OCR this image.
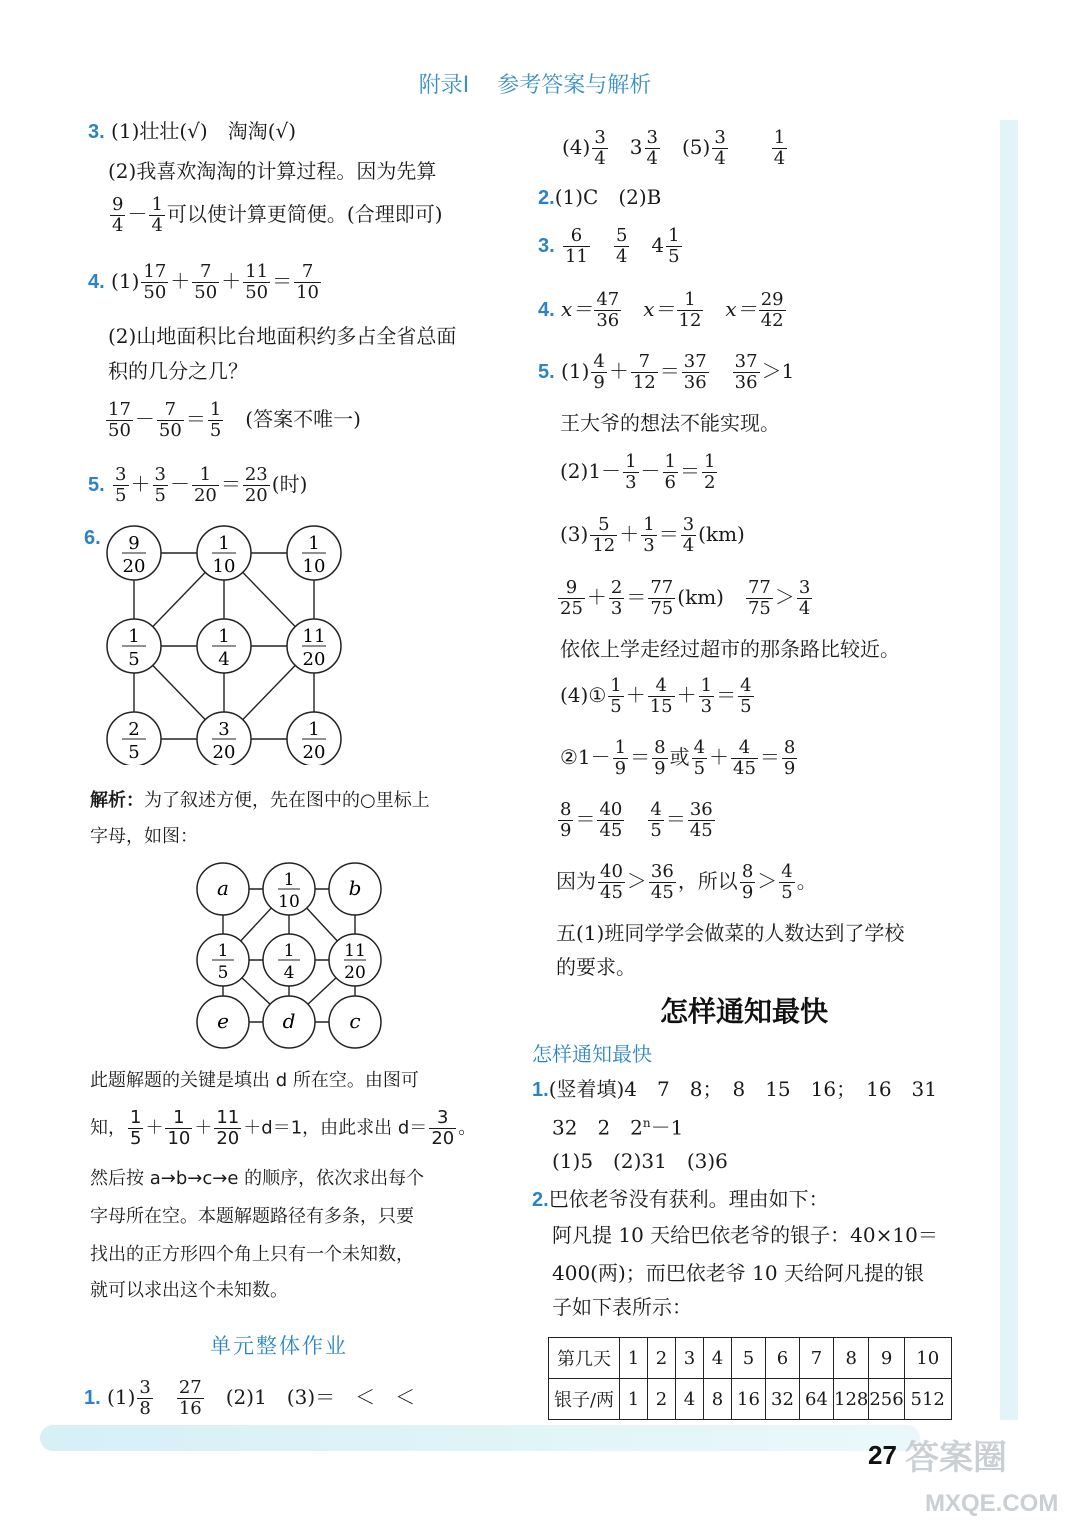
附录Ⅰ 参考答案与解析
3. (1)壮壮(√)　淘淘(√)
(2)我喜欢淘淘的计算过程。因为先算
$\frac{9}{4} - \frac{1}{4}$ 可以使计算更简便。(合理即可)
4. $(1) \frac{17}{50} + \frac{7}{50} + \frac{11}{50} = \frac{7}{10}$
(2)山地面积比台地面积约多占全省总面
积的几分之几？
$\frac{17}{50} - \frac{7}{50} = \frac{1}{5}$
　 (答案不唯一)
5. $\frac{3}{5} + \frac{3}{5} - \frac{1}{20} = \frac{23}{20}$ (时)
6. 9
20
1
10
1
10
1
5
1
4
11
20
2
5
3
20
1
20
解析：为了叙述方便，先在图中的○里标上
字母，如图：
a	1
10
b
1
5
1
4
11
20
e	d	c
此题解题的关键是填出 d 所在空。由图可
知， $\frac{1}{5} + \frac{1}{10} + \frac{11}{20} +d=1$，由此求出 $d= \frac{3}{20}$ 。
然后按 a→b→c→e 的顺序，依次求出每个
字母所在空。本题解题路径有多条，只要
找出的正方形四个角上只有一个未知数，
就可以求出这个未知数。
单元整体作业
1. $(1) \frac{3}{8}$
　 $\frac{27}{16}$
　 (2)1　(3)＝　＜　＜
$(4) \frac{3}{4}$
　 $3 \frac{3}{4}$
　 $(5) \frac{3}{4}$
　　 $\frac{1}{4}$
2.(1)C　(2)B
3. $\frac{6}{11}$
　 $\frac{5}{4}$
　 $4 \frac{1}{5}$
4. $x= \frac{47}{36}$
　 $x= \frac{1}{12}$
　 $x= \frac{29}{42}$
5. $(1) \frac{4}{9} + \frac{7}{12} = \frac{37}{36}$
　 $\frac{37}{36} >1$
王大爷的想法不能实现。
$(2)1- \frac{1}{3} - \frac{1}{6} = \frac{1}{2}$
$(3) \frac{5}{12} + \frac{1}{3} = \frac{3}{4} (km)$
$\frac{9}{25} + \frac{2}{3} = \frac{77}{75} (km)$　 $\frac{77}{75} > \frac{3}{4}$
依依上学走经过超市的那条路比较近。
(4)① $\frac{1}{5} + \frac{4}{15} + \frac{1}{3} = \frac{4}{5}$
②1－ $\frac{1}{9} = \frac{8}{9}$ 或 $\frac{4}{5} + \frac{4}{45} = \frac{8}{9}$
$\frac{8}{9} = \frac{40}{45}$
　 $\frac{4}{5} = \frac{36}{45}$
因为 $\frac{40}{45} > \frac{36}{45}$ ，所以 $\frac{8}{9} > \frac{4}{5}$ 。
五(1)班同学学会做菜的人数达到了学校
的要求。
怎样通知最快
怎样通知最快
1.(竖着填)4　7　8；　8　15　16；　16　31
32　2　$2^n-1$
(1)5　(2)31　(3)6
2.巴依老爷没有获利。理由如下：
阿凡提 10 天给巴依老爷的银子：40×10＝
400(两)；而巴依老爷 10 天给阿凡提的银
子如下表所示：
第几天	1	2	3	4	5	6	7	8	9	10
银子/两	1	2	4	8	16	32	64	128	256	512
27 答案圈
MXQE.COM
